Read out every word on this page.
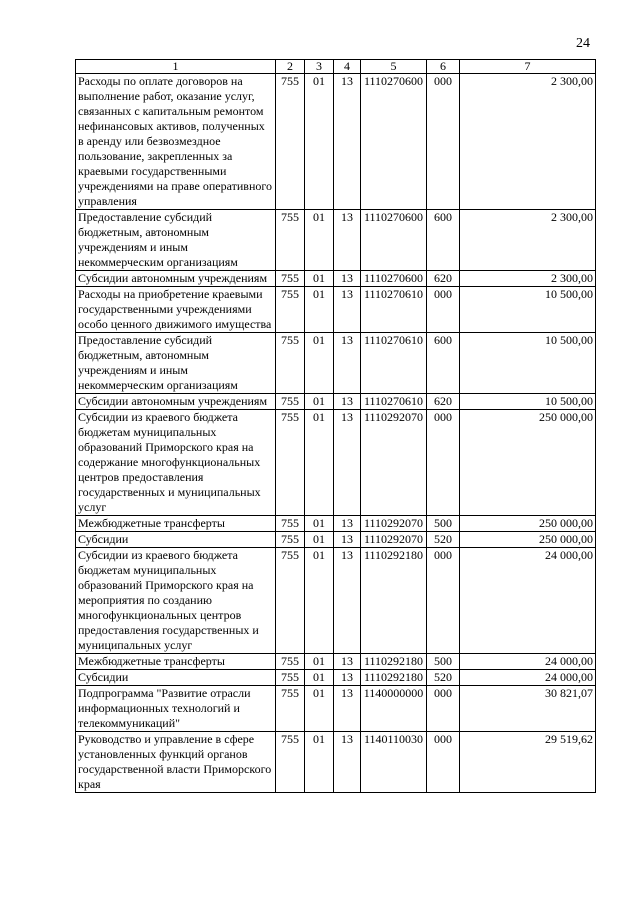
24
1	2	3	4	5	6	7
Расходы по оплате договоров на выполнение работ, оказание услуг, связанных с капитальным ремонтом нефинансовых активов, полученных в аренду или безвозмездное пользование, закрепленных за краевыми государственными учреждениями на праве оперативного управления	755	01	13	1110270600	000	2 300,00
Предоставление субсидий бюджетным, автономным учреждениям и иным некоммерческим организациям	755	01	13	1110270600	600	2 300,00
Субсидии автономным учреждениям	755	01	13	1110270600	620	2 300,00
Расходы на приобретение краевыми государственными учреждениями особо ценного движимого имущества	755	01	13	1110270610	000	10 500,00
Предоставление субсидий бюджетным, автономным учреждениям и иным некоммерческим организациям	755	01	13	1110270610	600	10 500,00
Субсидии автономным учреждениям	755	01	13	1110270610	620	10 500,00
Субсидии из краевого бюджета бюджетам муниципальных образований Приморского края на содержание многофункциональных центров предоставления государственных и муниципальных услуг	755	01	13	1110292070	000	250 000,00
Межбюджетные трансферты	755	01	13	1110292070	500	250 000,00
Субсидии	755	01	13	1110292070	520	250 000,00
Субсидии из краевого бюджета бюджетам муниципальных образований Приморского края на мероприятия по созданию многофункциональных центров предоставления государственных и муниципальных услуг	755	01	13	1110292180	000	24 000,00
Межбюджетные трансферты	755	01	13	1110292180	500	24 000,00
Субсидии	755	01	13	1110292180	520	24 000,00
Подпрограмма "Развитие отрасли информационных технологий и телекоммуникаций"	755	01	13	1140000000	000	30 821,07
Руководство и управление в сфере установленных функций органов государственной власти Приморского края	755	01	13	1140110030	000	29 519,62
